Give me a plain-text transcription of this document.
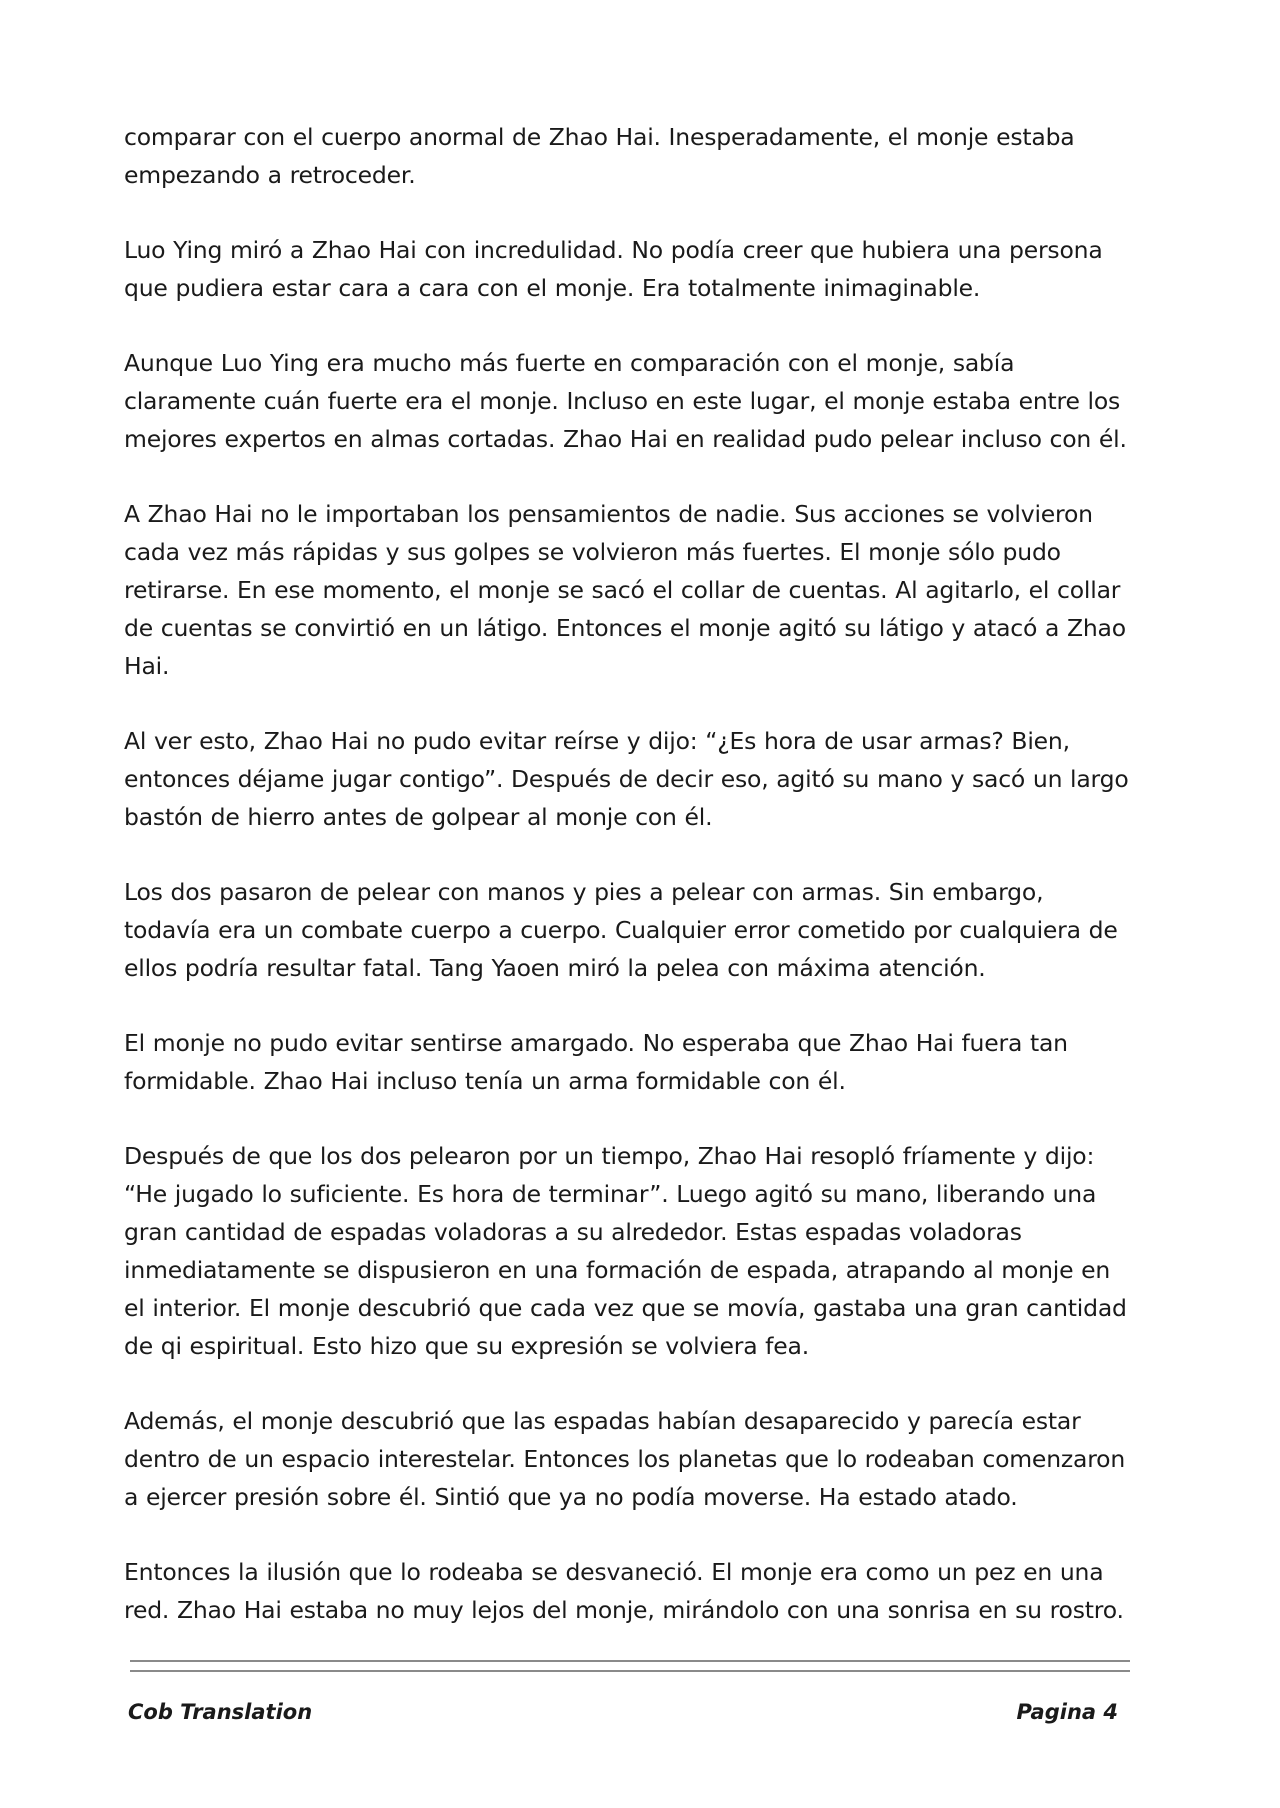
comparar con el cuerpo anormal de Zhao Hai. Inesperadamente, el monje estaba empezando a retroceder.

Luo Ying miró a Zhao Hai con incredulidad. No podía creer que hubiera una persona que pudiera estar cara a cara con el monje. Era totalmente inimaginable.

Aunque Luo Ying era mucho más fuerte en comparación con el monje, sabía claramente cuán fuerte era el monje. Incluso en este lugar, el monje estaba entre los mejores expertos en almas cortadas. Zhao Hai en realidad pudo pelear incluso con él.

A Zhao Hai no le importaban los pensamientos de nadie. Sus acciones se volvieron cada vez más rápidas y sus golpes se volvieron más fuertes. El monje sólo pudo retirarse. En ese momento, el monje se sacó el collar de cuentas. Al agitarlo, el collar de cuentas se convirtió en un látigo. Entonces el monje agitó su látigo y atacó a Zhao Hai.

Al ver esto, Zhao Hai no pudo evitar reírse y dijo: “¿Es hora de usar armas? Bien, entonces déjame jugar contigo”. Después de decir eso, agitó su mano y sacó un largo bastón de hierro antes de golpear al monje con él.

Los dos pasaron de pelear con manos y pies a pelear con armas. Sin embargo, todavía era un combate cuerpo a cuerpo. Cualquier error cometido por cualquiera de ellos podría resultar fatal. Tang Yaoen miró la pelea con máxima atención.

El monje no pudo evitar sentirse amargado. No esperaba que Zhao Hai fuera tan formidable. Zhao Hai incluso tenía un arma formidable con él.

Después de que los dos pelearon por un tiempo, Zhao Hai resopló fríamente y dijo: “He jugado lo suficiente. Es hora de terminar”. Luego agitó su mano, liberando una gran cantidad de espadas voladoras a su alrededor. Estas espadas voladoras inmediatamente se dispusieron en una formación de espada, atrapando al monje en el interior. El monje descubrió que cada vez que se movía, gastaba una gran cantidad de qi espiritual. Esto hizo que su expresión se volviera fea.

Además, el monje descubrió que las espadas habían desaparecido y parecía estar dentro de un espacio interestelar. Entonces los planetas que lo rodeaban comenzaron a ejercer presión sobre él. Sintió que ya no podía moverse. Ha estado atado.

Entonces la ilusión que lo rodeaba se desvaneció. El monje era como un pez en una red. Zhao Hai estaba no muy lejos del monje, mirándolo con una sonrisa en su rostro.

Cob Translation	Pagina 4
